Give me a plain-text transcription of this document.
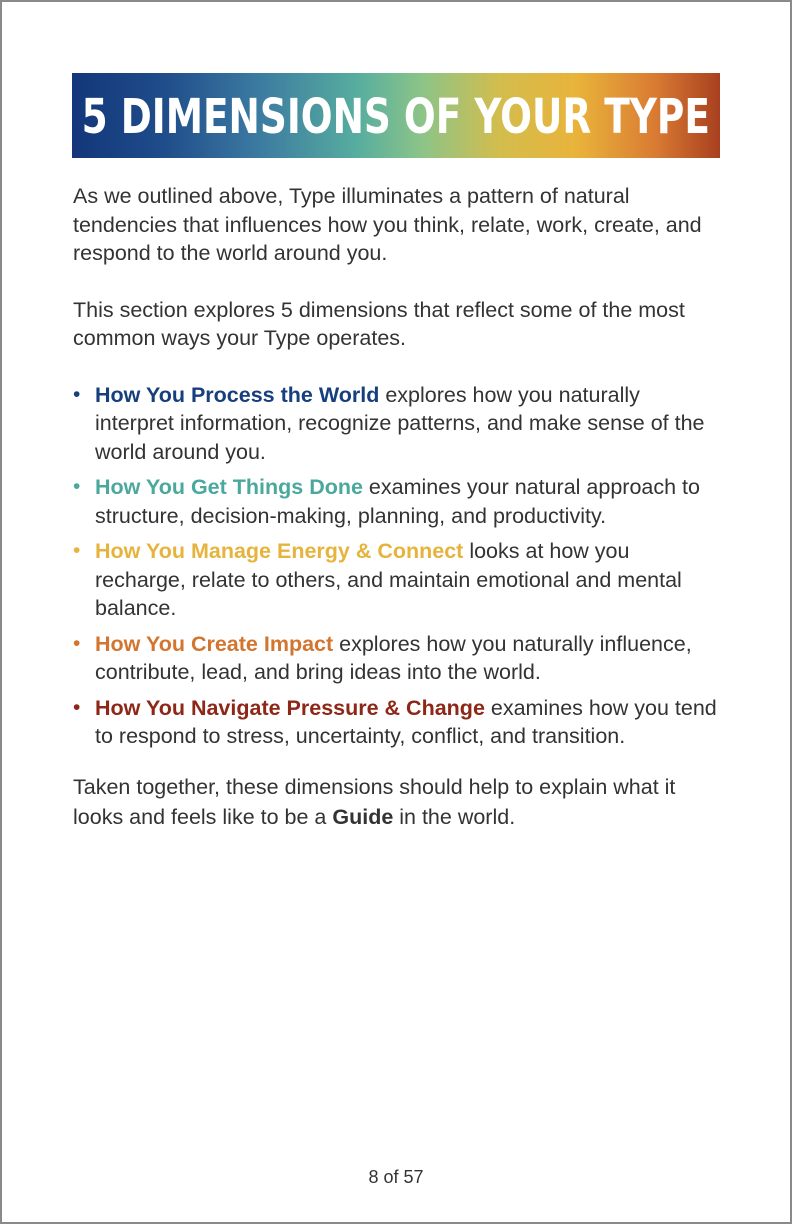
5 DIMENSIONS OF YOUR TYPE

As we outlined above, Type illuminates a pattern of natural tendencies that influences how you think, relate, work, create, and respond to the world around you.

This section explores 5 dimensions that reflect some of the most common ways your Type operates.

• How You Process the World explores how you naturally interpret information, recognize patterns, and make sense of the world around you.
• How You Get Things Done examines your natural approach to structure, decision-making, planning, and productivity.
• How You Manage Energy & Connect looks at how you recharge, relate to others, and maintain emotional and mental balance.
• How You Create Impact explores how you naturally influence, contribute, lead, and bring ideas into the world.
• How You Navigate Pressure & Change examines how you tend to respond to stress, uncertainty, conflict, and transition.

Taken together, these dimensions should help to explain what it looks and feels like to be a Guide in the world.

8 of 57
